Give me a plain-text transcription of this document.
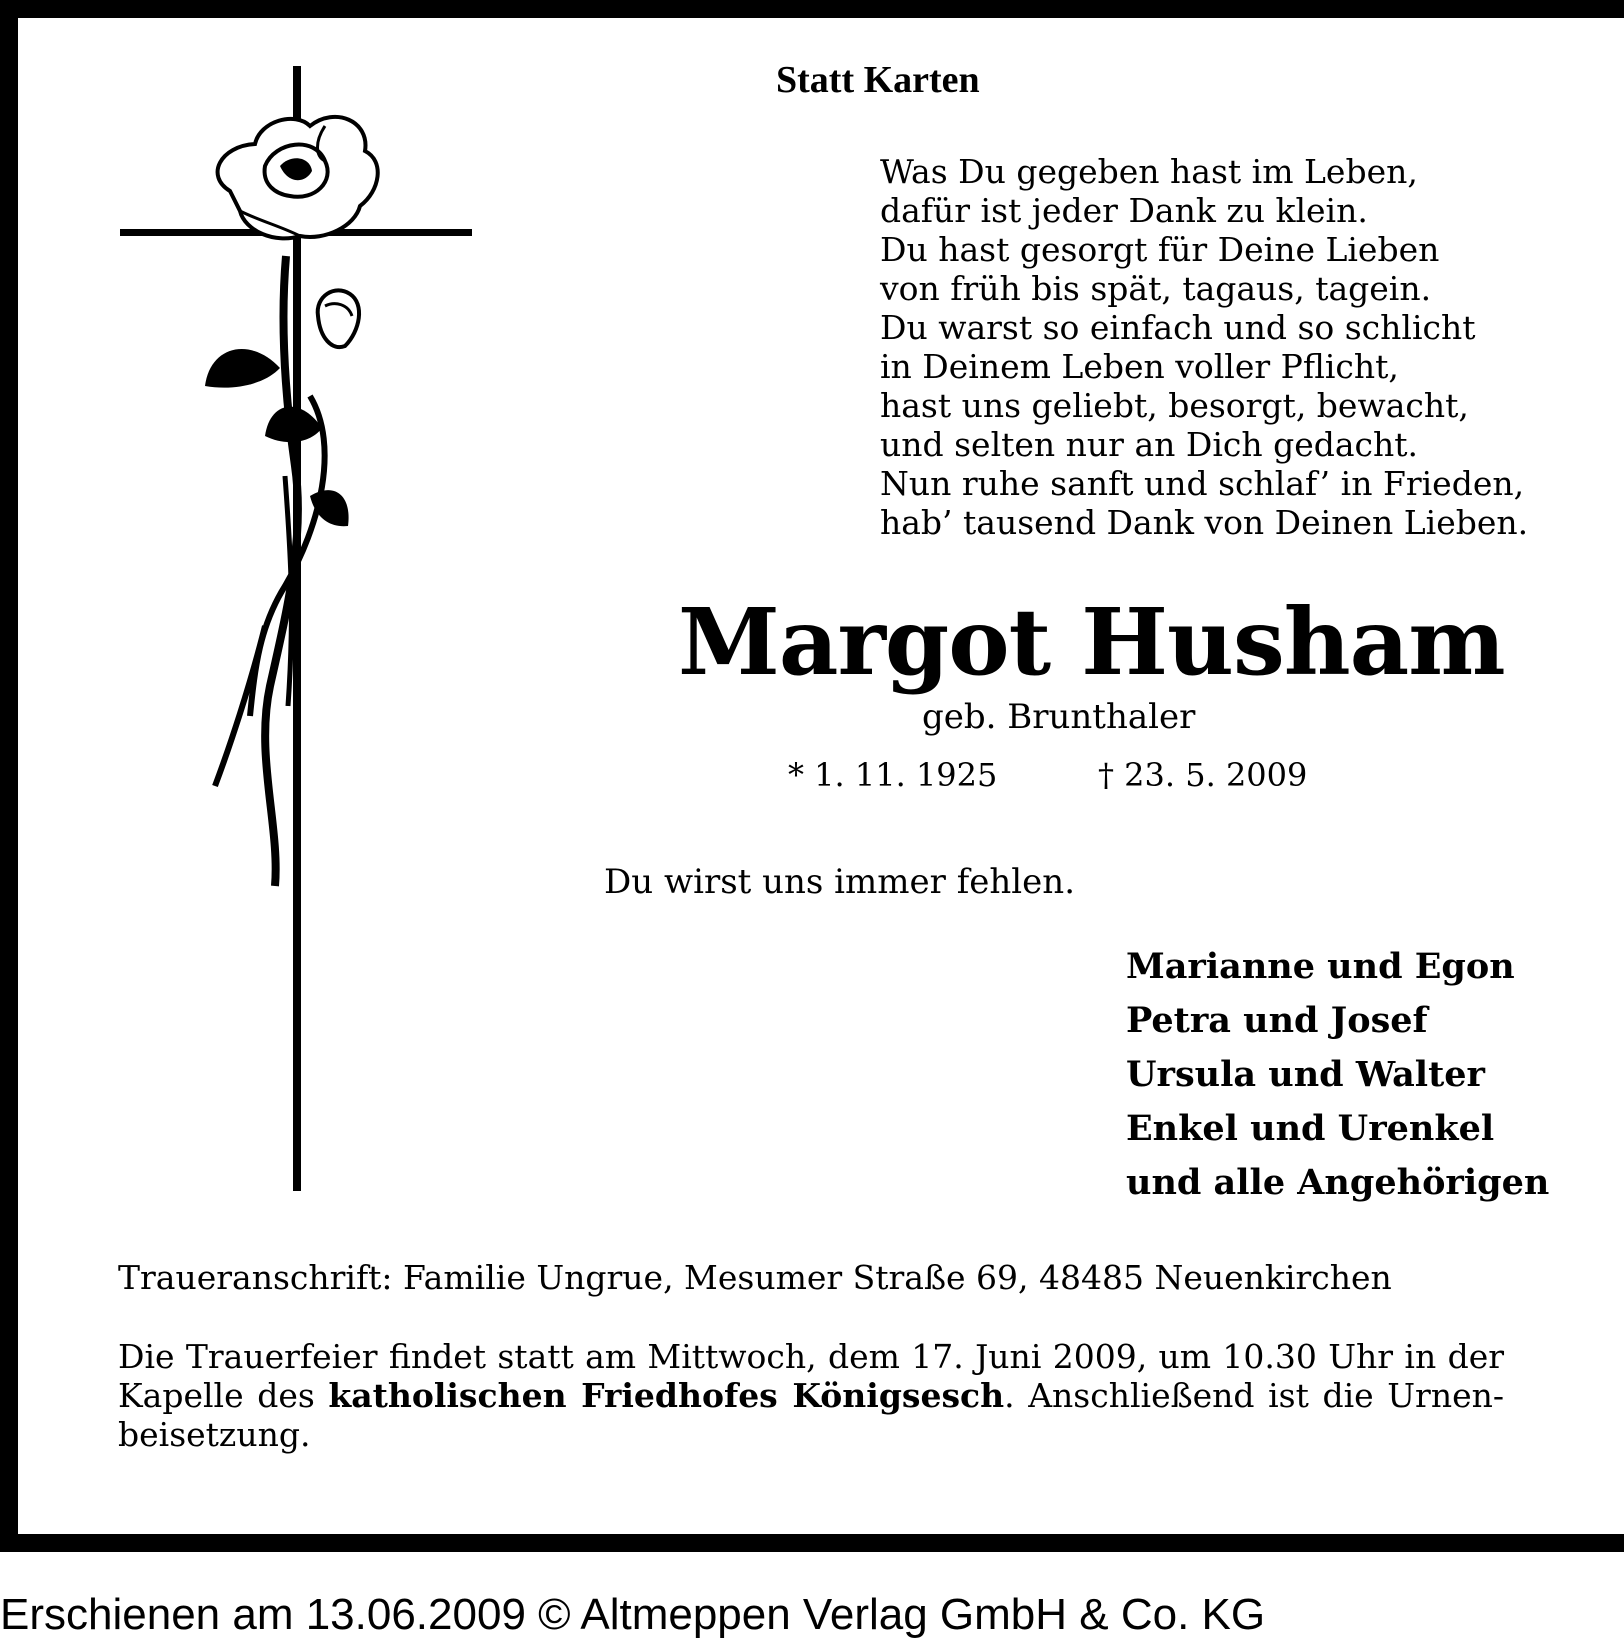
Statt Karten
Was Du gegeben hast im Leben,
dafür ist jeder Dank zu klein.
Du hast gesorgt für Deine Lieben
von früh bis spät, tagaus, tagein.
Du warst so einfach und so schlicht
in Deinem Leben voller Pflicht,
hast uns geliebt, besorgt, bewacht,
und selten nur an Dich gedacht.
Nun ruhe sanft und schlaf’ in Frieden,
hab’ tausend Dank von Deinen Lieben.
Margot Husham
geb. Brunthaler
* 1. 11. 1925	† 23. 5. 2009
Du wirst uns immer fehlen.
Marianne und Egon
Petra und Josef
Ursula und Walter
Enkel und Urenkel
und alle Angehörigen
Traueranschrift: Familie Ungrue, Mesumer Straße 69, 48485 Neuenkirchen
Die Trauerfeier findet statt am Mittwoch, dem 17. Juni 2009, um 10.30 Uhr in der Kapelle des katholischen Friedhofes Königsesch. Anschließend ist die Urnenbeisetzung.
Erschienen am 13.06.2009 © Altmeppen Verlag GmbH & Co. KG
